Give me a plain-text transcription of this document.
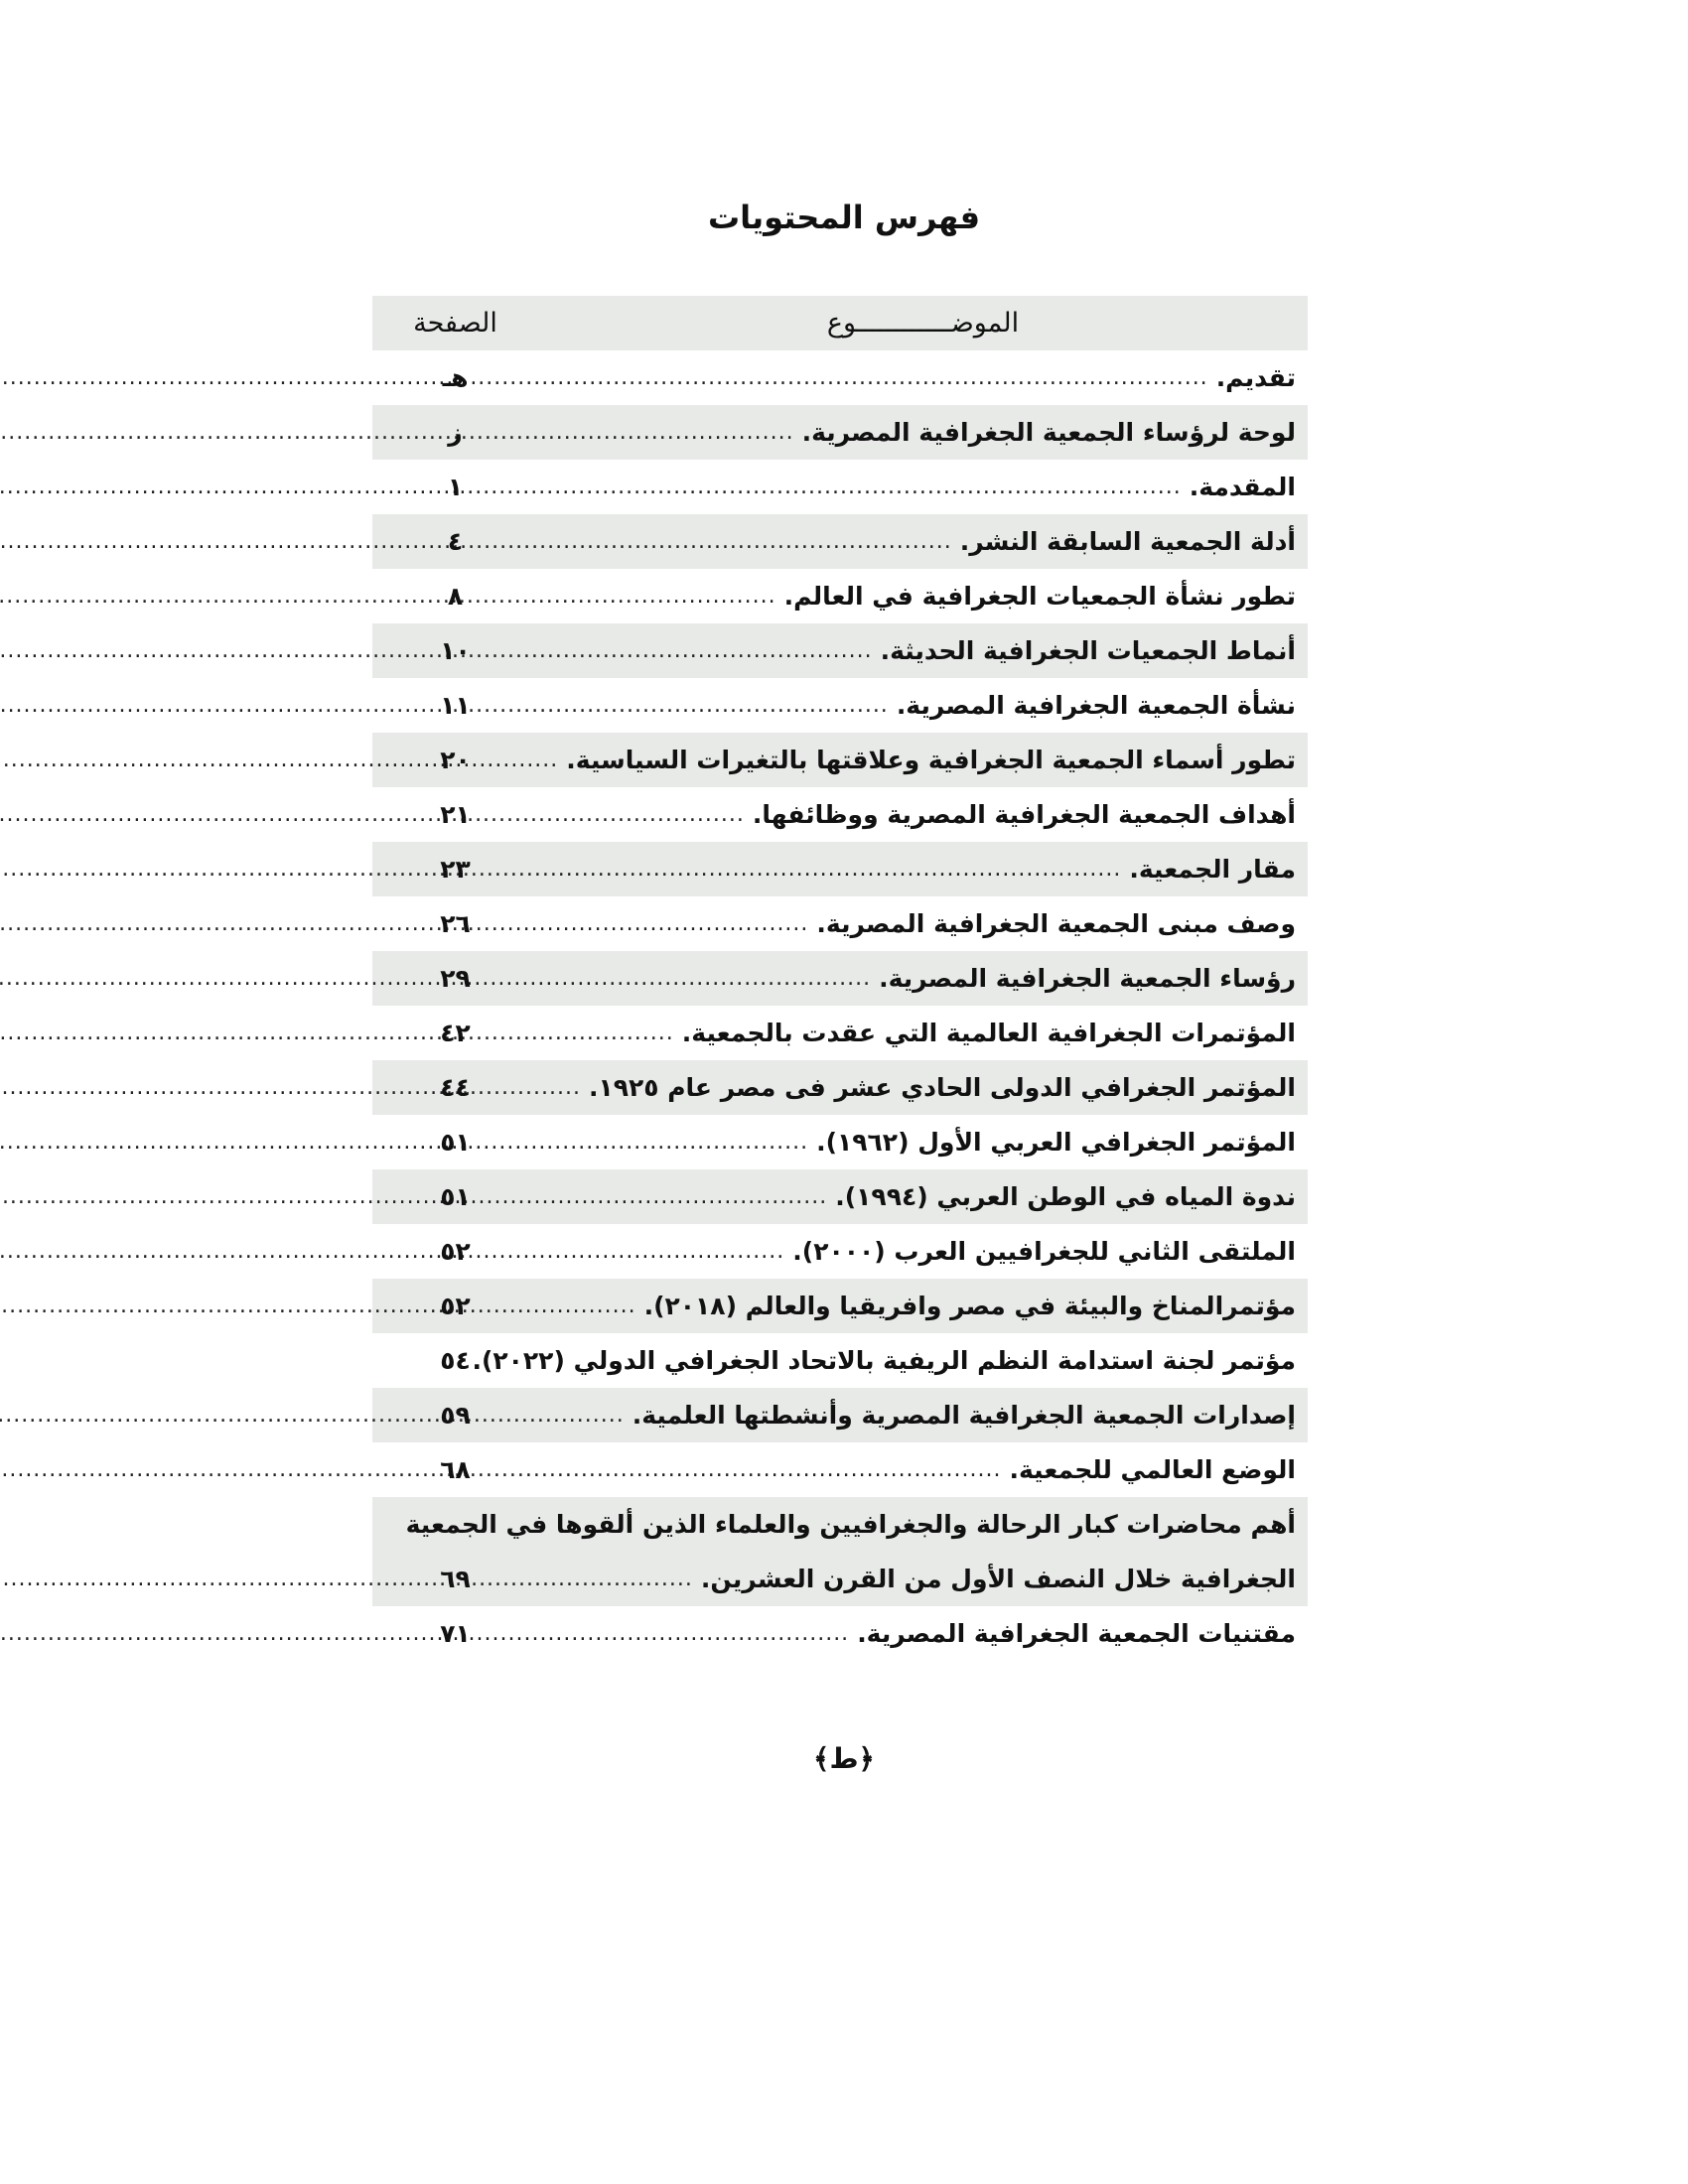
فهرس المحتويات
الموضــــــــــــوع
الصفحة
تقديم.
.....
هـ
لوحة لرؤساء الجمعية الجغرافية المصرية.
.....
ز
المقدمة.
.....
١
أدلة الجمعية السابقة النشر.
.....
٤
تطور نشأة الجمعيات الجغرافية في العالم.
.....
٨
أنماط الجمعيات الجغرافية الحديثة.
.....
١٠
نشأة الجمعية الجغرافية المصرية.
.....
١١
تطور أسماء الجمعية الجغرافية وعلاقتها بالتغيرات السياسية.
.....
٢٠
أهداف الجمعية الجغرافية المصرية ووظائفها.
.....
٢١
مقار الجمعية.
.....
٢٣
وصف مبنى الجمعية الجغرافية المصرية.
.....
٢٦
رؤساء الجمعية الجغرافية المصرية.
.....
٢٩
المؤتمرات الجغرافية العالمية التي عقدت بالجمعية.
.....
٤٢
المؤتمر الجغرافي الدولى الحادي عشر فى مصر عام ١٩٢٥.
.....
٤٤
المؤتمر الجغرافي العربي الأول (١٩٦٢).
.....
٥١
ندوة المياه في الوطن العربي (١٩٩٤).
.....
٥١
الملتقى الثاني للجغرافيين العرب (٢٠٠٠).
.....
٥٢
مؤتمرالمناخ والبيئة في مصر وافريقيا والعالم (٢٠١٨).
.....
٥٢
مؤتمر لجنة استدامة النظم الريفية بالاتحاد الجغرافي الدولي (٢٠٢٢).
٥٤
إصدارات الجمعية الجغرافية المصرية وأنشطتها العلمية.
.....
٥٩
الوضع العالمي للجمعية.
.....
٦٨
أهم محاضرات كبار الرحالة والجغرافيين والعلماء الذين ألقوها في الجمعية
الجغرافية خلال النصف الأول من القرن العشرين.
.....
٦٩
مقتنيات الجمعية الجغرافية المصرية.
.....
٧١
﴿ط﴾
